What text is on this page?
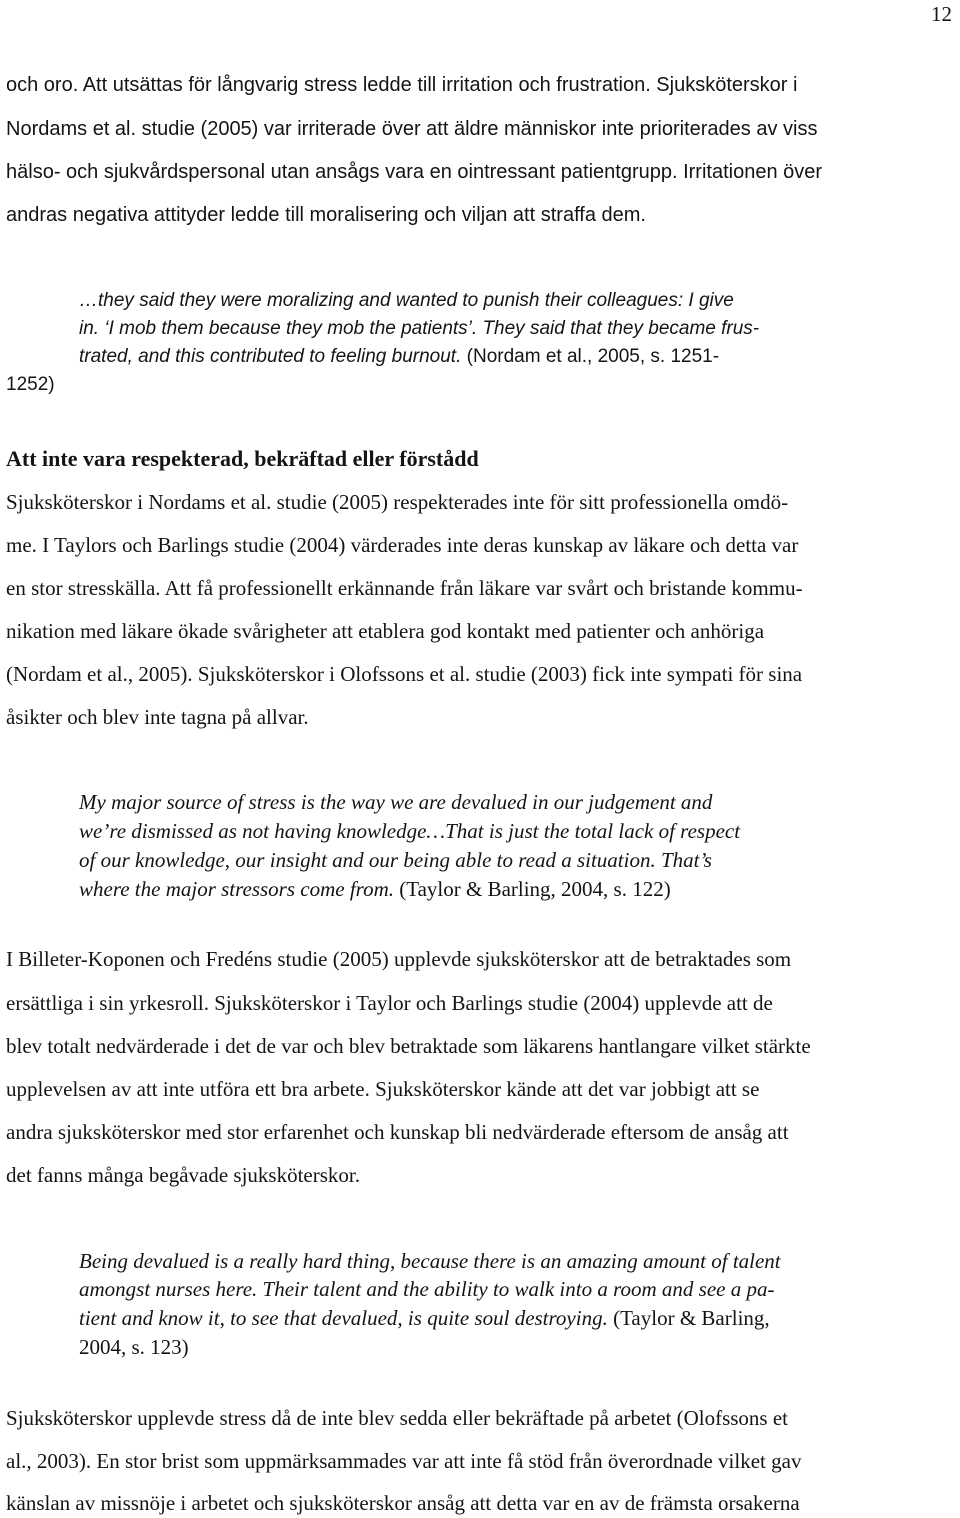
12
och oro. Att utsättas för långvarig stress ledde till irritation och frustration. Sjuksköterskor i
Nordams et al. studie (2005) var irriterade över att äldre människor inte prioriterades av viss
hälso- och sjukvårdspersonal utan ansågs vara en ointressant patientgrupp. Irritationen över
andras negativa attityder ledde till moralisering och viljan att straffa dem.
…they said they were moralizing and wanted to punish their colleagues: I give
in. ‘I mob them because they mob the patients’. They said that they became frus-
trated, and this contributed to feeling burnout. (Nordam et al., 2005, s. 1251-
1252)
Att inte vara respekterad, bekräftad eller förstådd
Sjuksköterskor i Nordams et al. studie (2005) respekterades inte för sitt professionella omdö-
me. I Taylors och Barlings studie (2004) värderades inte deras kunskap av läkare och detta var
en stor stresskälla. Att få professionellt erkännande från läkare var svårt och bristande kommu-
nikation med läkare ökade svårigheter att etablera god kontakt med patienter och anhöriga
(Nordam et al., 2005). Sjuksköterskor i Olofssons et al. studie (2003) fick inte sympati för sina
åsikter och blev inte tagna på allvar.
My major source of stress is the way we are devalued in our judgement and
we’re dismissed as not having knowledge…That is just the total lack of respect
of our knowledge, our insight and our being able to read a situation. That’s
where the major stressors come from. (Taylor & Barling, 2004, s. 122)
I Billeter-Koponen och Fredéns studie (2005) upplevde sjuksköterskor att de betraktades som
ersättliga i sin yrkesroll. Sjuksköterskor i Taylor och Barlings studie (2004) upplevde att de
blev totalt nedvärderade i det de var och blev betraktade som läkarens hantlangare vilket stärkte
upplevelsen av att inte utföra ett bra arbete. Sjuksköterskor kände att det var jobbigt att se
andra sjuksköterskor med stor erfarenhet och kunskap bli nedvärderade eftersom de ansåg att
det fanns många begåvade sjuksköterskor.
Being devalued is a really hard thing, because there is an amazing amount of talent
amongst nurses here. Their talent and the ability to walk into a room and see a pa-
tient and know it, to see that devalued, is quite soul destroying. (Taylor & Barling,
2004, s. 123)
Sjuksköterskor upplevde stress då de inte blev sedda eller bekräftade på arbetet (Olofssons et
al., 2003). En stor brist som uppmärksammades var att inte få stöd från överordnade vilket gav
känslan av missnöje i arbetet och sjuksköterskor ansåg att detta var en av de främsta orsakerna
